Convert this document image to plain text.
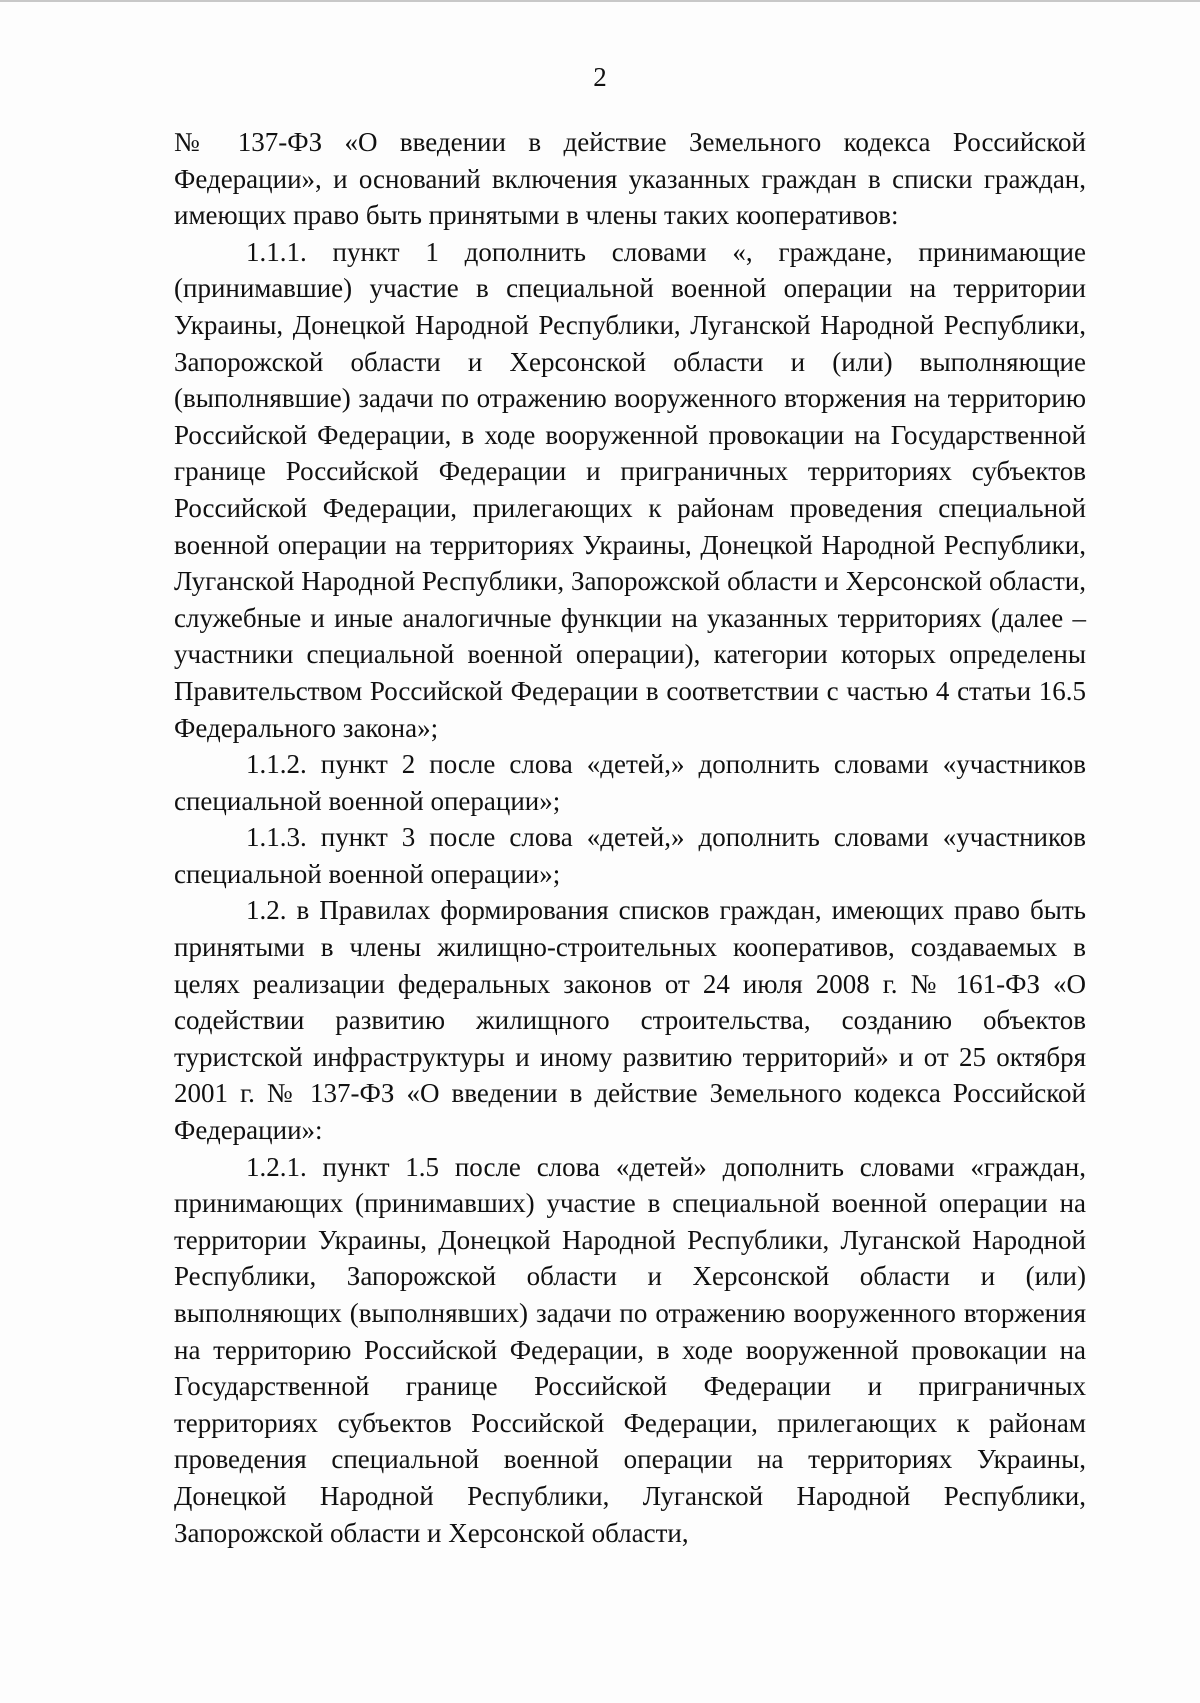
2

№ 137-ФЗ «О введении в действие Земельного кодекса Российской Федерации», и оснований включения указанных граждан в списки граждан, имеющих право быть принятыми в члены таких кооперативов:

1.1.1. пункт 1 дополнить словами «, граждане, принимающие (принимавшие) участие в специальной военной операции на территории Украины, Донецкой Народной Республики, Луганской Народной Республики, Запорожской области и Херсонской области и (или) выполняющие (выполнявшие) задачи по отражению вооруженного вторжения на территорию Российской Федерации, в ходе вооруженной провокации на Государственной границе Российской Федерации и приграничных территориях субъектов Российской Федерации, прилегающих к районам проведения специальной военной операции на территориях Украины, Донецкой Народной Республики, Луганской Народной Республики, Запорожской области и Херсонской области, служебные и иные аналогичные функции на указанных территориях (далее – участники специальной военной операции), категории которых определены Правительством Российской Федерации в соответствии с частью 4 статьи 16.5 Федерального закона»;

1.1.2. пункт 2 после слова «детей,» дополнить словами «участников специальной военной операции»;

1.1.3. пункт 3 после слова «детей,» дополнить словами «участников специальной военной операции»;

1.2. в Правилах формирования списков граждан, имеющих право быть принятыми в члены жилищно-строительных кооперативов, создаваемых в целях реализации федеральных законов от 24 июля 2008 г. № 161-ФЗ «О содействии развитию жилищного строительства, созданию объектов туристской инфраструктуры и иному развитию территорий» и от 25 октября 2001 г. № 137-ФЗ «О введении в действие Земельного кодекса Российской Федерации»:

1.2.1. пункт 1.5 после слова «детей» дополнить словами «граждан, принимающих (принимавших) участие в специальной военной операции на территории Украины, Донецкой Народной Республики, Луганской Народной Республики, Запорожской области и Херсонской области и (или) выполняющих (выполнявших) задачи по отражению вооруженного вторжения на территорию Российской Федерации, в ходе вооруженной провокации на Государственной границе Российской Федерации и приграничных территориях субъектов Российской Федерации, прилегающих к районам проведения специальной военной операции на территориях Украины, Донецкой Народной Республики, Луганской Народной Республики, Запорожской области и Херсонской области,
